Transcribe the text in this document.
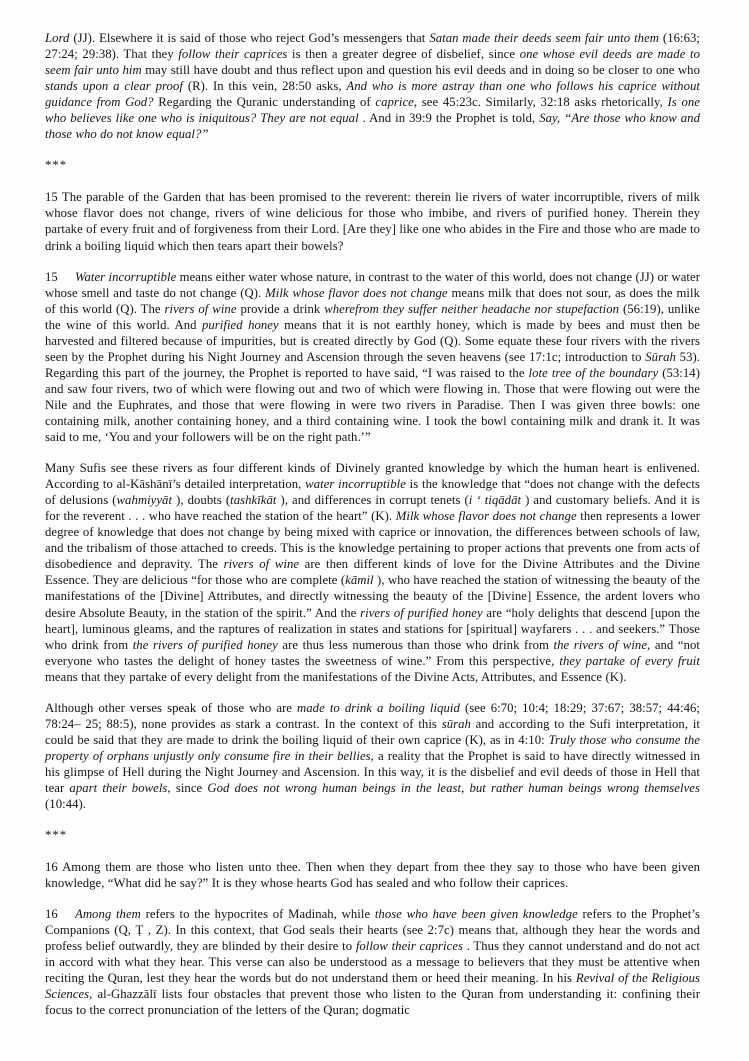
Lord (JJ). Elsewhere it is said of those who reject God’s messengers that Satan made their deeds seem fair unto them (16:63; 27:24; 29:38). That they follow their caprices is then a greater degree of disbelief, since one whose evil deeds are made to seem fair unto him may still have doubt and thus reflect upon and question his evil deeds and in doing so be closer to one who stands upon a clear proof (R). In this vein, 28:50 asks, And who is more astray than one who follows his caprice without guidance from God? Regarding the Quranic understanding of caprice, see 45:23c. Similarly, 32:18 asks rhetorically, Is one who believes like one who is iniquitous? They are not equal . And in 39:9 the Prophet is told, Say, “Are those who know and those who do not know equal?”

***

15 The parable of the Garden that has been promised to the reverent: therein lie rivers of water incorruptible, rivers of milk whose flavor does not change, rivers of wine delicious for those who imbibe, and rivers of purified honey. Therein they partake of every fruit and of forgiveness from their Lord. [Are they] like one who abides in the Fire and those who are made to drink a boiling liquid which then tears apart their bowels?

15 Water incorruptible means either water whose nature, in contrast to the water of this world, does not change (JJ) or water whose smell and taste do not change (Q). Milk whose flavor does not change means milk that does not sour, as does the milk of this world (Q). The rivers of wine provide a drink wherefrom they suffer neither headache nor stupefaction (56:19), unlike the wine of this world. And purified honey means that it is not earthly honey, which is made by bees and must then be harvested and filtered because of impurities, but is created directly by God (Q). Some equate these four rivers with the rivers seen by the Prophet during his Night Journey and Ascension through the seven heavens (see 17:1c; introduction to Sūrah 53). Regarding this part of the journey, the Prophet is reported to have said, “I was raised to the lote tree of the boundary (53:14) and saw four rivers, two of which were flowing out and two of which were flowing in. Those that were flowing out were the Nile and the Euphrates, and those that were flowing in were two rivers in Paradise. Then I was given three bowls: one containing milk, another containing honey, and a third containing wine. I took the bowl containing milk and drank it. It was said to me, ‘You and your followers will be on the right path.’”

Many Sufis see these rivers as four different kinds of Divinely granted knowledge by which the human heart is enlivened. According to al-Kāshānī’s detailed interpretation, water incorruptible is the knowledge that “does not change with the defects of delusions (wahmiyyāt ), doubts (tashkīkāt ), and differences in corrupt tenets (i ʻ tiqādāt ) and customary beliefs. And it is for the reverent . . . who have reached the station of the heart” (K). Milk whose flavor does not change then represents a lower degree of knowledge that does not change by being mixed with caprice or innovation, the differences between schools of law, and the tribalism of those attached to creeds. This is the knowledge pertaining to proper actions that prevents one from acts of disobedience and depravity. The rivers of wine are then different kinds of love for the Divine Attributes and the Divine Essence. They are delicious “for those who are complete (kāmil ), who have reached the station of witnessing the beauty of the manifestations of the [Divine] Attributes, and directly witnessing the beauty of the [Divine] Essence, the ardent lovers who desire Absolute Beauty, in the station of the spirit.” And the rivers of purified honey are “holy delights that descend [upon the heart], luminous gleams, and the raptures of realization in states and stations for [spiritual] wayfarers . . . and seekers.” Those who drink from the rivers of purified honey are thus less numerous than those who drink from the rivers of wine, and “not everyone who tastes the delight of honey tastes the sweetness of wine.” From this perspective, they partake of every fruit means that they partake of every delight from the manifestations of the Divine Acts, Attributes, and Essence (K).

Although other verses speak of those who are made to drink a boiling liquid (see 6:70; 10:4; 18:29; 37:67; 38:57; 44:46; 78:24– 25; 88:5), none provides as stark a contrast. In the context of this sūrah and according to the Sufi interpretation, it could be said that they are made to drink the boiling liquid of their own caprice (K), as in 4:10: Truly those who consume the property of orphans unjustly only consume fire in their bellies, a reality that the Prophet is said to have directly witnessed in his glimpse of Hell during the Night Journey and Ascension. In this way, it is the disbelief and evil deeds of those in Hell that tear apart their bowels, since God does not wrong human beings in the least, but rather human beings wrong themselves (10:44).

***

16 Among them are those who listen unto thee. Then when they depart from thee they say to those who have been given knowledge, “What did he say?” It is they whose hearts God has sealed and who follow their caprices.

16 Among them refers to the hypocrites of Madinah, while those who have been given knowledge refers to the Prophet’s Companions (Q, Ṭ , Z). In this context, that God seals their hearts (see 2:7c) means that, although they hear the words and profess belief outwardly, they are blinded by their desire to follow their caprices . Thus they cannot understand and do not act in accord with what they hear. This verse can also be understood as a message to believers that they must be attentive when reciting the Quran, lest they hear the words but do not understand them or heed their meaning. In his Revival of the Religious Sciences, al-Ghazzālī lists four obstacles that prevent those who listen to the Quran from understanding it: confining their focus to the correct pronunciation of the letters of the Quran; dogmatic
